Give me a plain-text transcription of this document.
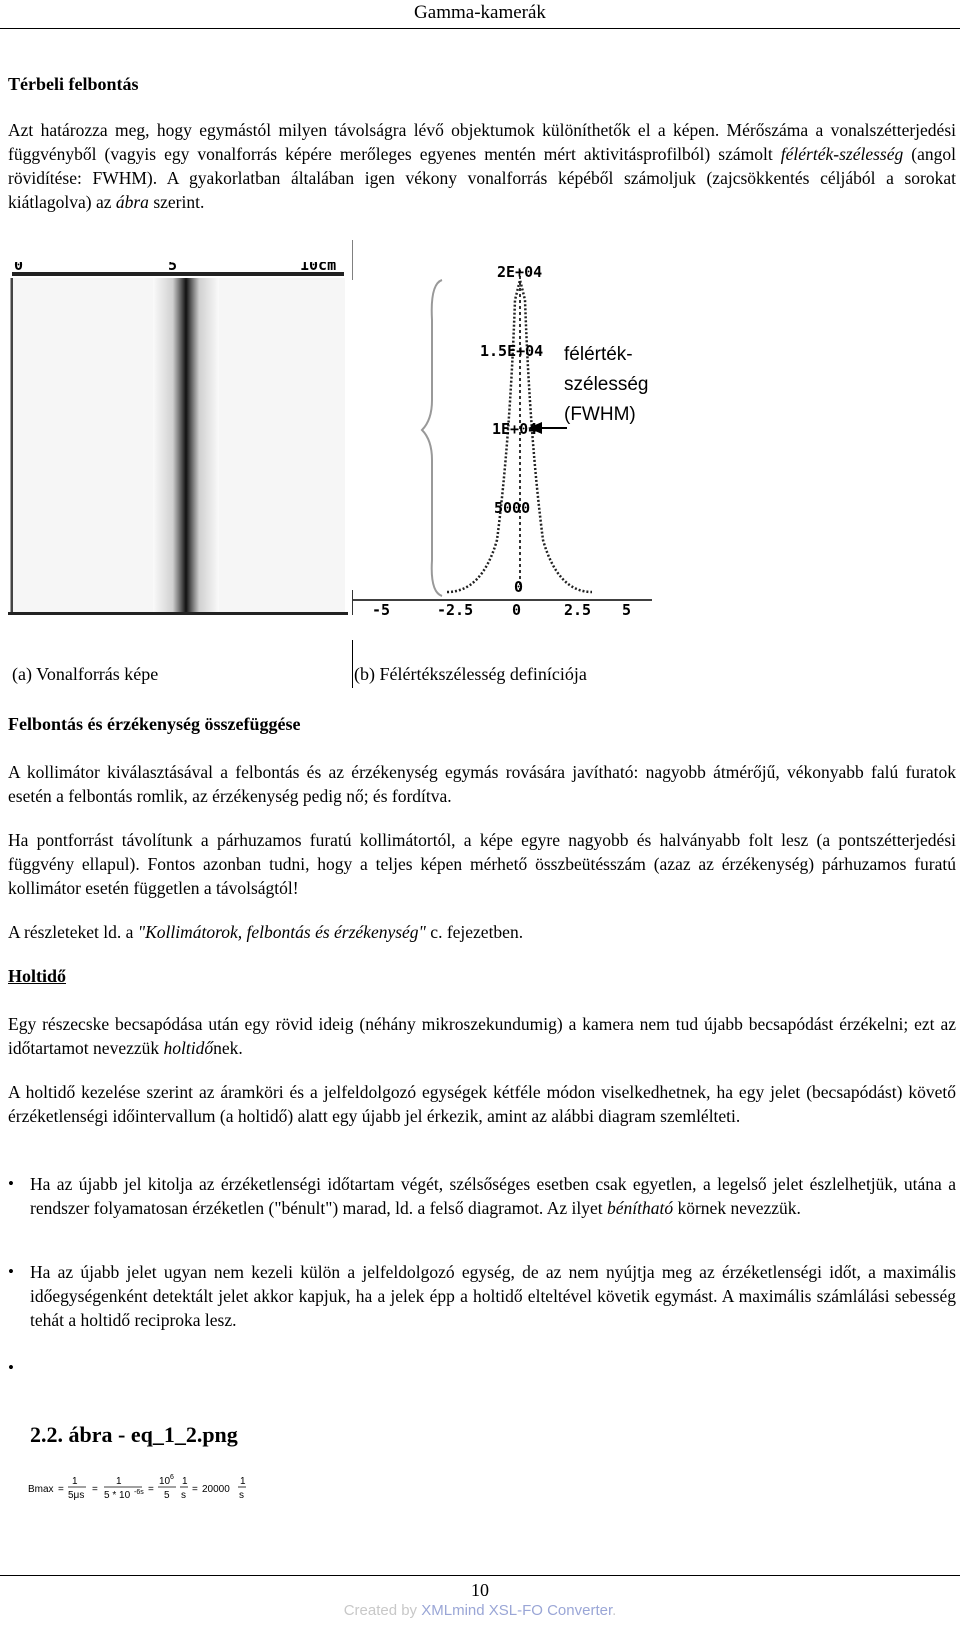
Gamma-kamerák
Térbeli felbontás

Azt határozza meg, hogy egymástól milyen távolságra lévő objektumok különíthetők el a képen. Mérőszáma a vonalszétterjedési függvényből (vagyis egy vonalforrás képére merőleges egyenes mentén mért aktivitásprofilból) számolt félérték-szélesség (angol rövidítése: FWHM). A gyakorlatban általában igen vékony vonalforrás képéből számoljuk (zajcsökkentés céljából a sorokat kiátlagolva) az ábra szerint.

0	5	10cm	2E+04
1.5E+04
1E+04
5000
0
-5	-2.5	0	2.5 5
félérték-
szélesség
(FWHM)
(a) Vonalforrás képe	(b) Félértékszélesség definíciója
Felbontás és érzékenység összefüggése

A kollimátor kiválasztásával a felbontás és az érzékenység egymás rovására javítható: nagyobb átmérőjű, vékonyabb falú furatok esetén a felbontás romlik, az érzékenység pedig nő; és fordítva.

Ha pontforrást távolítunk a párhuzamos furatú kollimátortól, a képe egyre nagyobb és halványabb folt lesz (a pontszétterjedési függvény ellapul). Fontos azonban tudni, hogy a teljes képen mérhető összbeütésszám (azaz az érzékenység) párhuzamos furatú kollimátor esetén független a távolságtól!

A részleteket ld. a "Kollimátorok, felbontás és érzékenység" c. fejezetben.

Holtidő

Egy részecske becsapódása után egy rövid ideig (néhány mikroszekundumig) a kamera nem tud újabb becsapódást érzékelni; ezt az időtartamot nevezzük holtidőnek.

A holtidő kezelése szerint az áramköri és a jelfeldolgozó egységek kétféle módon viselkedhetnek, ha egy jelet (becsapódást) követő érzéketlenségi időintervallum (a holtidő) alatt egy újabb jel érkezik, amint az alábbi diagram szemlélteti.

• Ha az újabb jel kitolja az érzéketlenségi időtartam végét, szélsőséges esetben csak egyetlen, a legelső jelet észlelhetjük, utána a rendszer folyamatosan érzéketlen ("bénult") marad, ld. a felső diagramot. Az ilyet bénítható körnek nevezzük.

• Ha az újabb jelet ugyan nem kezeli külön a jelfeldolgozó egység, de az nem nyújtja meg az érzéketlenségi időt, a maximális időegységenként detektált jelet akkor kapjuk, ha a jelek épp a holtidő elteltével követik egymást. A maximális számlálási sebesség tehát a holtidő reciproka lesz.

•
2.2. ábra - eq_1_2.png
Bmax =
1
5μs
=
1
5 * 10 -6s =
10 6
5
1
s
= 20000
1
s
10
Created by XMLmind XSL-FO Converter.
